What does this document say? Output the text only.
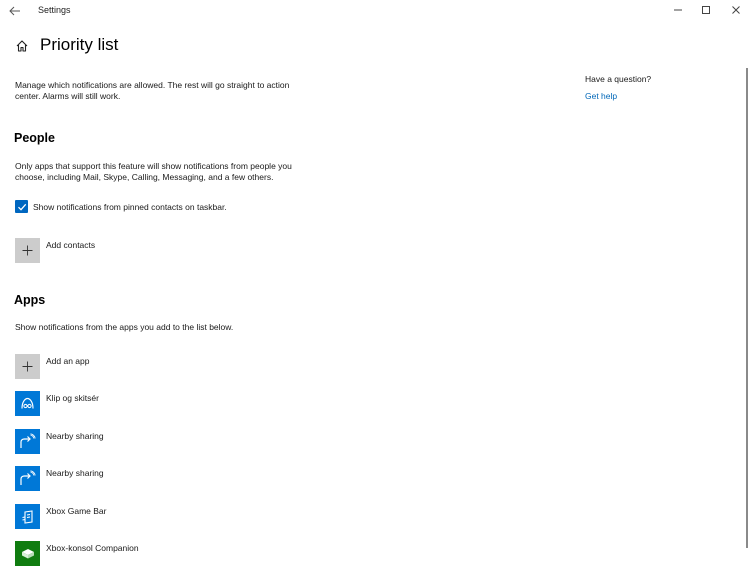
Settings
Priority list

Manage which notifications are allowed. The rest will go straight to action center. Alarms will still work.

People

Only apps that support this feature will show notifications from people you choose, including Mail, Skype, Calling, Messaging, and a few others.

Show notifications from pinned contacts on taskbar.
Add contacts
Apps

Show notifications from the apps you add to the list below.

Add an app
Klip og skitsér
Nearby sharing
Nearby sharing
Xbox Game Bar
Xbox-konsol Companion
Have a question?
Get help
